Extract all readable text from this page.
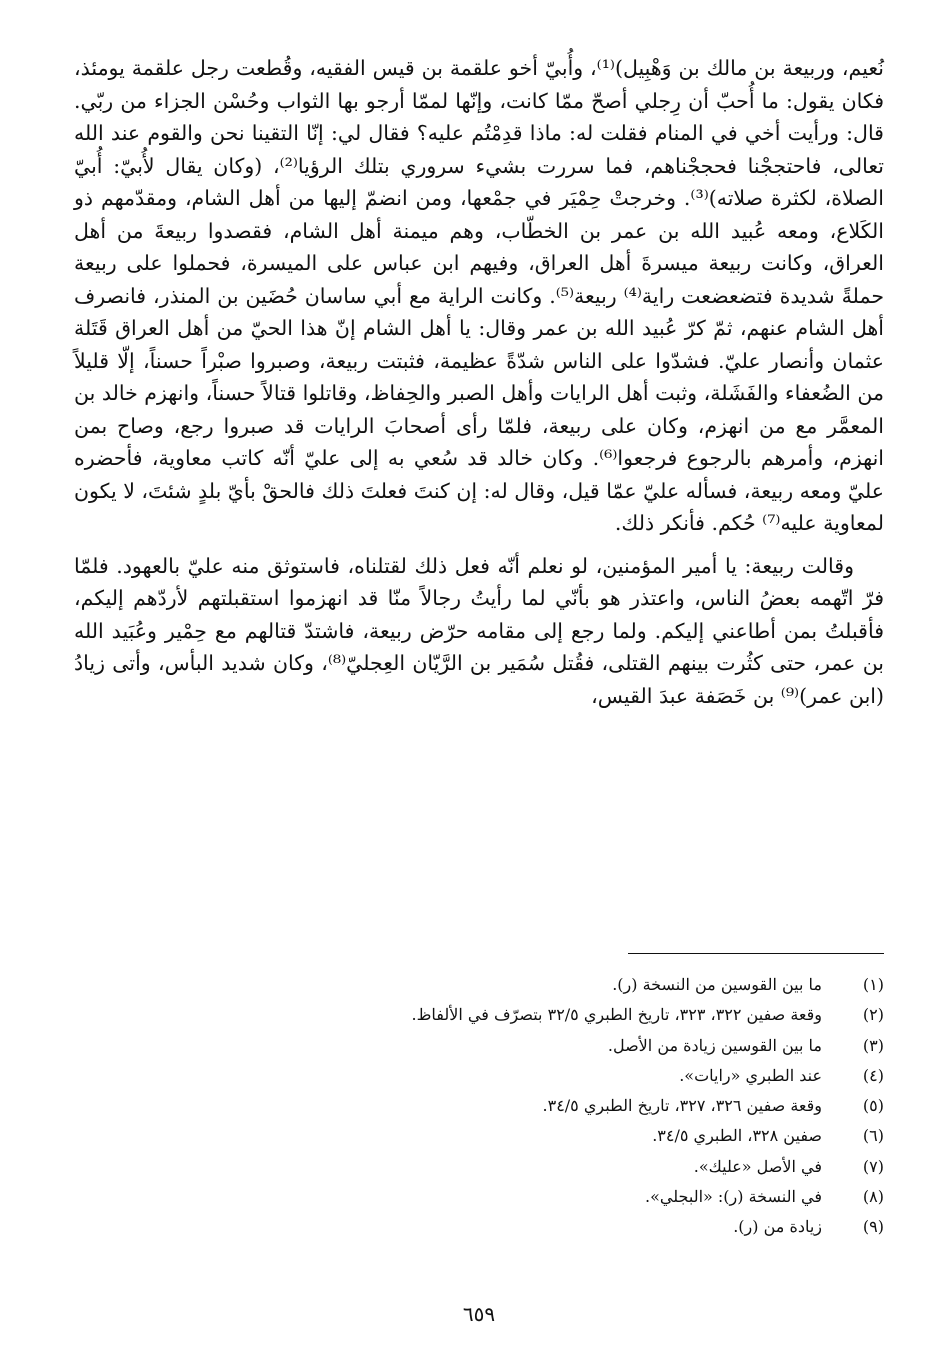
نُعيم، وربيعة بن مالك بن وَهْبِيل)⁽¹⁾، وأُبيّ أخو علقمة بن قيس الفقيه، وقُطعت رجل علقمة يومئذ، فكان يقول: ما أُحبّ أن رِجلي أصحّ ممّا كانت، وإنّها لممّا أرجو بها الثواب وحُسْن الجزاء من ربّي. قال: ورأيت أخي في المنام فقلت له: ماذا قدِمْتُم عليه؟ فقال لي: إنّا التقينا نحن والقوم عند الله تعالى، فاحتججْنا فحججْناهم، فما سررت بشيء سروري بتلك الرؤيا⁽²⁾، (وكان يقال لأُبيّ: أُبيّ الصلاة، لكثرة صلاته)⁽³⁾. وخرجتْ حِمْيَر في جمْعها، ومن انضمّ إليها من أهل الشام، ومقدّمهم ذو الكَلاع، ومعه عُبيد الله بن عمر بن الخطّاب، وهم ميمنة أهل الشام، فقصدوا ربيعةَ من أهل العراق، وكانت ربيعة ميسرةَ أهل العراق، وفيهم ابن عباس على الميسرة، فحملوا على ربيعة حملةً شديدة فتضعضعت راية⁽⁴⁾ ربيعة⁽⁵⁾. وكانت الراية مع أبي ساسان حُضَين بن المنذر، فانصرف أهل الشام عنهم، ثمّ كرّ عُبيد الله بن عمر وقال: يا أهل الشام إنّ هذا الحيّ من أهل العراق قَتَلة عثمان وأنصار عليّ. فشدّوا على الناس شدّةً عظيمة، فثبتت ربيعة، وصبروا صبْراً حسناً، إلّا قليلاً من الضُعفاء والفَشَلة، وثبت أهل الرايات وأهل الصبر والحِفاظ، وقاتلوا قتالاً حسناً، وانهزم خالد بن المعمَّر مع من انهزم، وكان على ربيعة، فلمّا رأى أصحابَ الرايات قد صبروا رجع، وصاح بمن انهزم، وأمرهم بالرجوع فرجعوا⁽⁶⁾. وكان خالد قد سُعي به إلى عليّ أنّه كاتب معاوية، فأحضره عليّ ومعه ربيعة، فسأله عليّ عمّا قيل، وقال له: إن كنتَ فعلتَ ذلك فالحقْ بأيّ بلدٍ شئتَ، لا يكون لمعاوية عليه⁽⁷⁾ حُكم. فأنكر ذلك.

وقالت ربيعة: يا أمير المؤمنين، لو نعلم أنّه فعل ذلك لقتلناه، فاستوثق منه عليّ بالعهود. فلمّا فرّ اتّهمه بعضُ الناس، واعتذر هو بأنّي لما رأيتُ رجالاً منّا قد انهزموا استقبلتهم لأردّهم إليكم، فأقبلتُ بمن أطاعني إليكم. ولما رجع إلى مقامه حرّض ربيعة، فاشتدّ قتالهم مع حِمْير وعُبَيد الله بن عمر، حتى كثُرت بينهم القتلى، فقُتل سُمَير بن الرَّيّان العِجليّ⁽⁸⁾، وكان شديد البأس، وأتى زيادُ (ابن عمر)⁽⁹⁾ بن خَصَفة عبدَ القيس،

(١)
ما بين القوسين من النسخة (ر).
(٢)
وقعة صفين ٣٢٢، ٣٢٣، تاريخ الطبري ٣٢/٥ بتصرّف في الألفاظ.
(٣)
ما بين القوسين زيادة من الأصل.
(٤)
عند الطبري «رايات».
(٥)
وقعة صفين ٣٢٦، ٣٢٧، تاريخ الطبري ٣٤/٥.
(٦)
صفين ٣٢٨، الطبري ٣٤/٥.
(٧)
في الأصل «عليك».
(٨)
في النسخة (ر): «البجلي».
(٩)
زيادة من (ر).
٦٥٩
